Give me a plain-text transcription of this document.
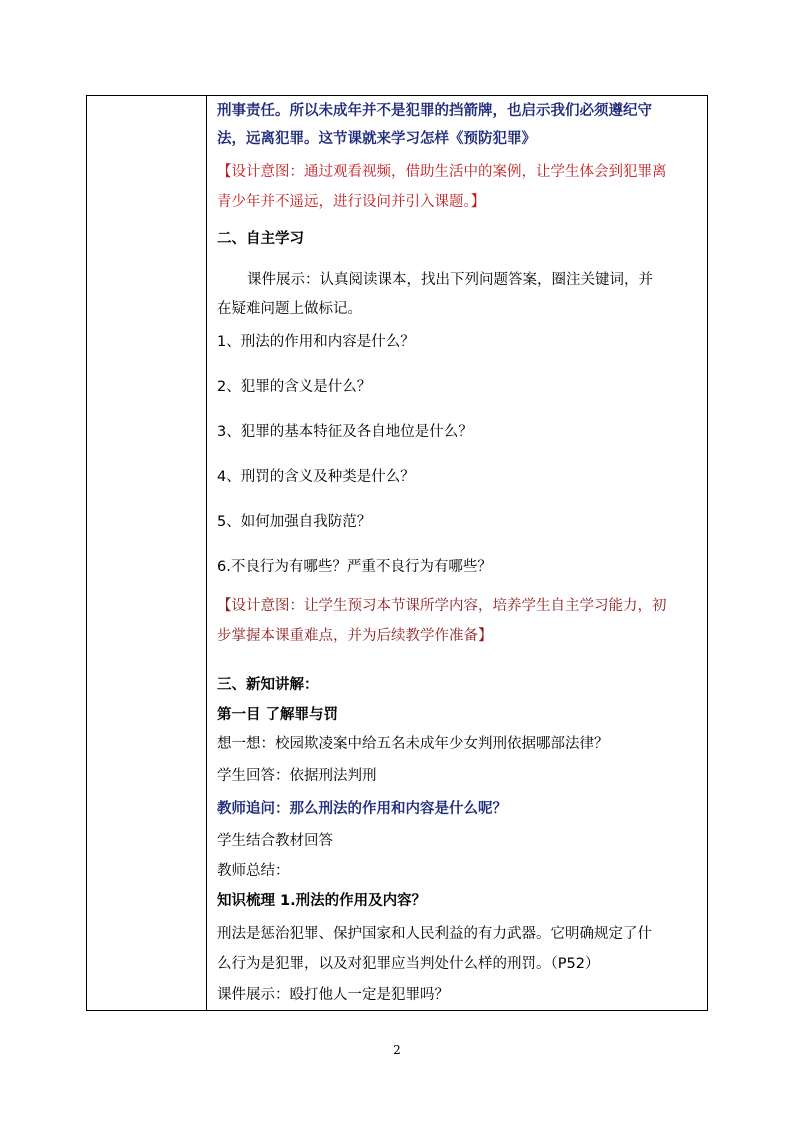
刑事责任。所以未成年并不是犯罪的挡箭牌，也启示我们必须遵纪守
法，远离犯罪。这节课就来学习怎样《预防犯罪》
【设计意图：通过观看视频，借助生活中的案例，让学生体会到犯罪离
青少年并不遥远，进行设问并引入课题。】
二、自主学习
课件展示：认真阅读课本，找出下列问题答案，圈注关键词，并
在疑难问题上做标记。
1、刑法的作用和内容是什么？
2、犯罪的含义是什么？
3、犯罪的基本特征及各自地位是什么？
4、刑罚的含义及种类是什么？
5、如何加强自我防范？
6.不良行为有哪些？严重不良行为有哪些？
【设计意图：让学生预习本节课所学内容，培养学生自主学习能力，初
步掌握本课重难点，并为后续教学作准备】
三、新知讲解：
第一目 了解罪与罚
想一想：校园欺凌案中给五名未成年少女判刑依据哪部法律？
学生回答：依据刑法判刑
教师追问：那么刑法的作用和内容是什么呢？
学生结合教材回答
教师总结：
知识梳理 1.刑法的作用及内容？
刑法是惩治犯罪、保护国家和人民利益的有力武器。它明确规定了什
么行为是犯罪，以及对犯罪应当判处什么样的刑罚。（P52）
课件展示：殴打他人一定是犯罪吗？
2
